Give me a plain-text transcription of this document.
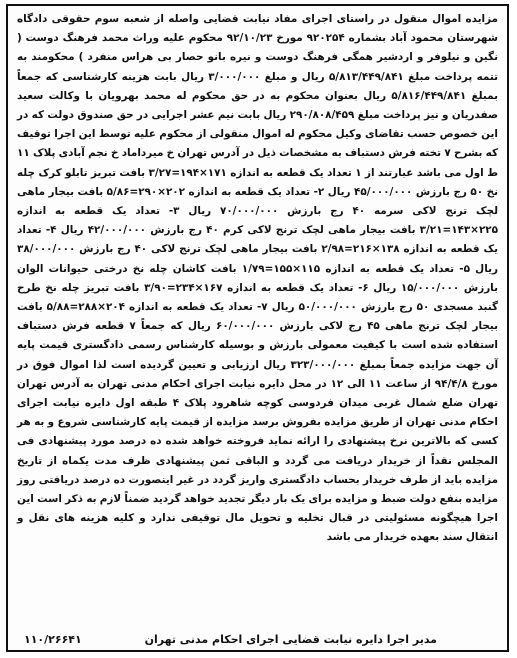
مزایده اموال منقول در راستای اجرای مفاد نیابت قضایی واصله از شعبه سوم حقوقی دادگاه شهرستان محمود آباد بشماره ۹۲۰۲۵۴ مورخ ۹۲/۱۰/۲۳ محکوم علیه وراث محمد فرهنگ دوست ( نگین و نیلوفر و اردشیر همگی فرهنگ دوست و نیره بانو حصار بی هراس منفرد ) محکومند به تتمه پرداخت مبلغ ۵/۸۱۳/۴۴۹/۸۴۱ ریال و مبلغ ۳/۰۰۰/۰۰۰ ریال بابت هزینه کارشناسی که جمعاً بمبلغ ۵/۸۱۶/۴۴۹/۸۴۱ ریال بعنوان محکوم به در حق محکوم له محمد بهرویان با وکالت سعید صفدریان و نیز پرداخت مبلغ ۲۹۰/۸۰۸/۴۵۹ ریال بابت نیم عشر اجرایی در حق صندوق دولت که در این خصوص حسب تقاضای وکیل محکوم له اموال منقولی از محکوم علیه توسط این اجرا توقیف که بشرح ۷ تخته فرش دستباف به مشخصات ذیل در آدرس تهران خ میرداماد خ نجم آبادی پلاک ۱۱ ط اول می باشد عبارتند از ۱ تعداد یک قطعه به اندازه ۱۷۱×۱۹۴=۳/۲۷ بافت تبریز تابلو کرک چله نخ ۵۰ رج بارزش ۴۵/۰۰۰/۰۰۰ ریال ۲- تعداد یک قطعه به اندازه ۲۰۲×۲۹۰=۵/۸۶ بافت بیجار ماهی لچک ترنج لاکی سرمه ۴۰ رج بارزش ۷۰/۰۰۰/۰۰۰ ریال ۳- تعداد یک قطعه به اندازه ۲۲۵×۱۴۳=۳/۲۱ بافت بیجار ماهی لچک ترنج لاکی کرم ۴۰ رج بارزش ۴۲/۰۰۰/۰۰۰ ریال ۴- تعداد یک قطعه به اندازه ۱۳۸×۲۱۶=۲/۹۸ بافت بیجار ماهی لچک ترنج لاکی ۴۰ رج بارزش ۳۸/۰۰۰/۰۰۰ ریال ۵- تعداد یک قطعه به اندازه ۱۱۵×۱۵۵=۱/۷۹ بافت کاشان چله نخ درختی حیوانات الوان بارزش ۱۵/۰۰۰/۰۰۰ ریال ۶- تعداد یک قطعه به اندازه ۱۶۷×۲۳۴=۳/۹۰ بافت تبریز چله نخ طرح گنبد مسجدی ۵۰ رج بارزش ۵۰/۰۰۰/۰۰۰ ریال ۷- تعداد یک قطعه به اندازه ۲۰۴×۲۸۸=۵/۸۸ بافت بیجار لچک ترنج ماهی ۴۵ رج لاکی بارزش ۶۰/۰۰۰/۰۰۰ ریال که جمعاً ۷ قطعه فرش دستباف استفاده شده است با کیفیت معمولی بارزش و بوسیله کارشناس رسمی دادگستری قیمت پایه آن جهت مزایده جمعاً بمبلغ ۳۲۳/۰۰۰/۰۰۰ ریال ارزیابی و تعیین گردیده است لذا اموال فوق در مورخ ۹۴/۴/۸ از ساعت ۱۱ الی ۱۲ در محل دایره نیابت اجرای احکام مدنی تهران به آدرس تهران تهران ضلع شمال غربی میدان فردوسی کوچه شاهرود پلاک ۴ طبقه اول دایره نیابت اجرای احکام مدنی تهران از طریق مزایده بفروش برسد مزایده از قیمت پایه کارشناسی شروع و به هر کسی که بالاترین نرخ پیشنهادی را ارائه نماید فروخته خواهد شده ده درصد مورد پیشنهادی فی المجلس نقداً از خریدار دریافت می گردد و الباقی ثمن پیشنهادی ظرف مدت یکماه از تاریخ مزایده باید از طرف خریدار بحساب دادگستری واریز گردد در غیر اینصورت ده درصد دریافتی روز مزایده بنفع دولت ضبط و مزایده برای یک بار دیگر تجدید خواهد گردید ضمناً لازم به ذکر است این اجرا هیچگونه مسئولیتی در قبال تخلیه و تحویل مال توقیفی ندارد و کلیه هزینه های نقل و انتقال سند بعهده خریدار می باشد
مدیر اجرا دایره نیابت قضایی اجرای احکام مدنی تهران
۱۱۰/۲۶۶۴۱
